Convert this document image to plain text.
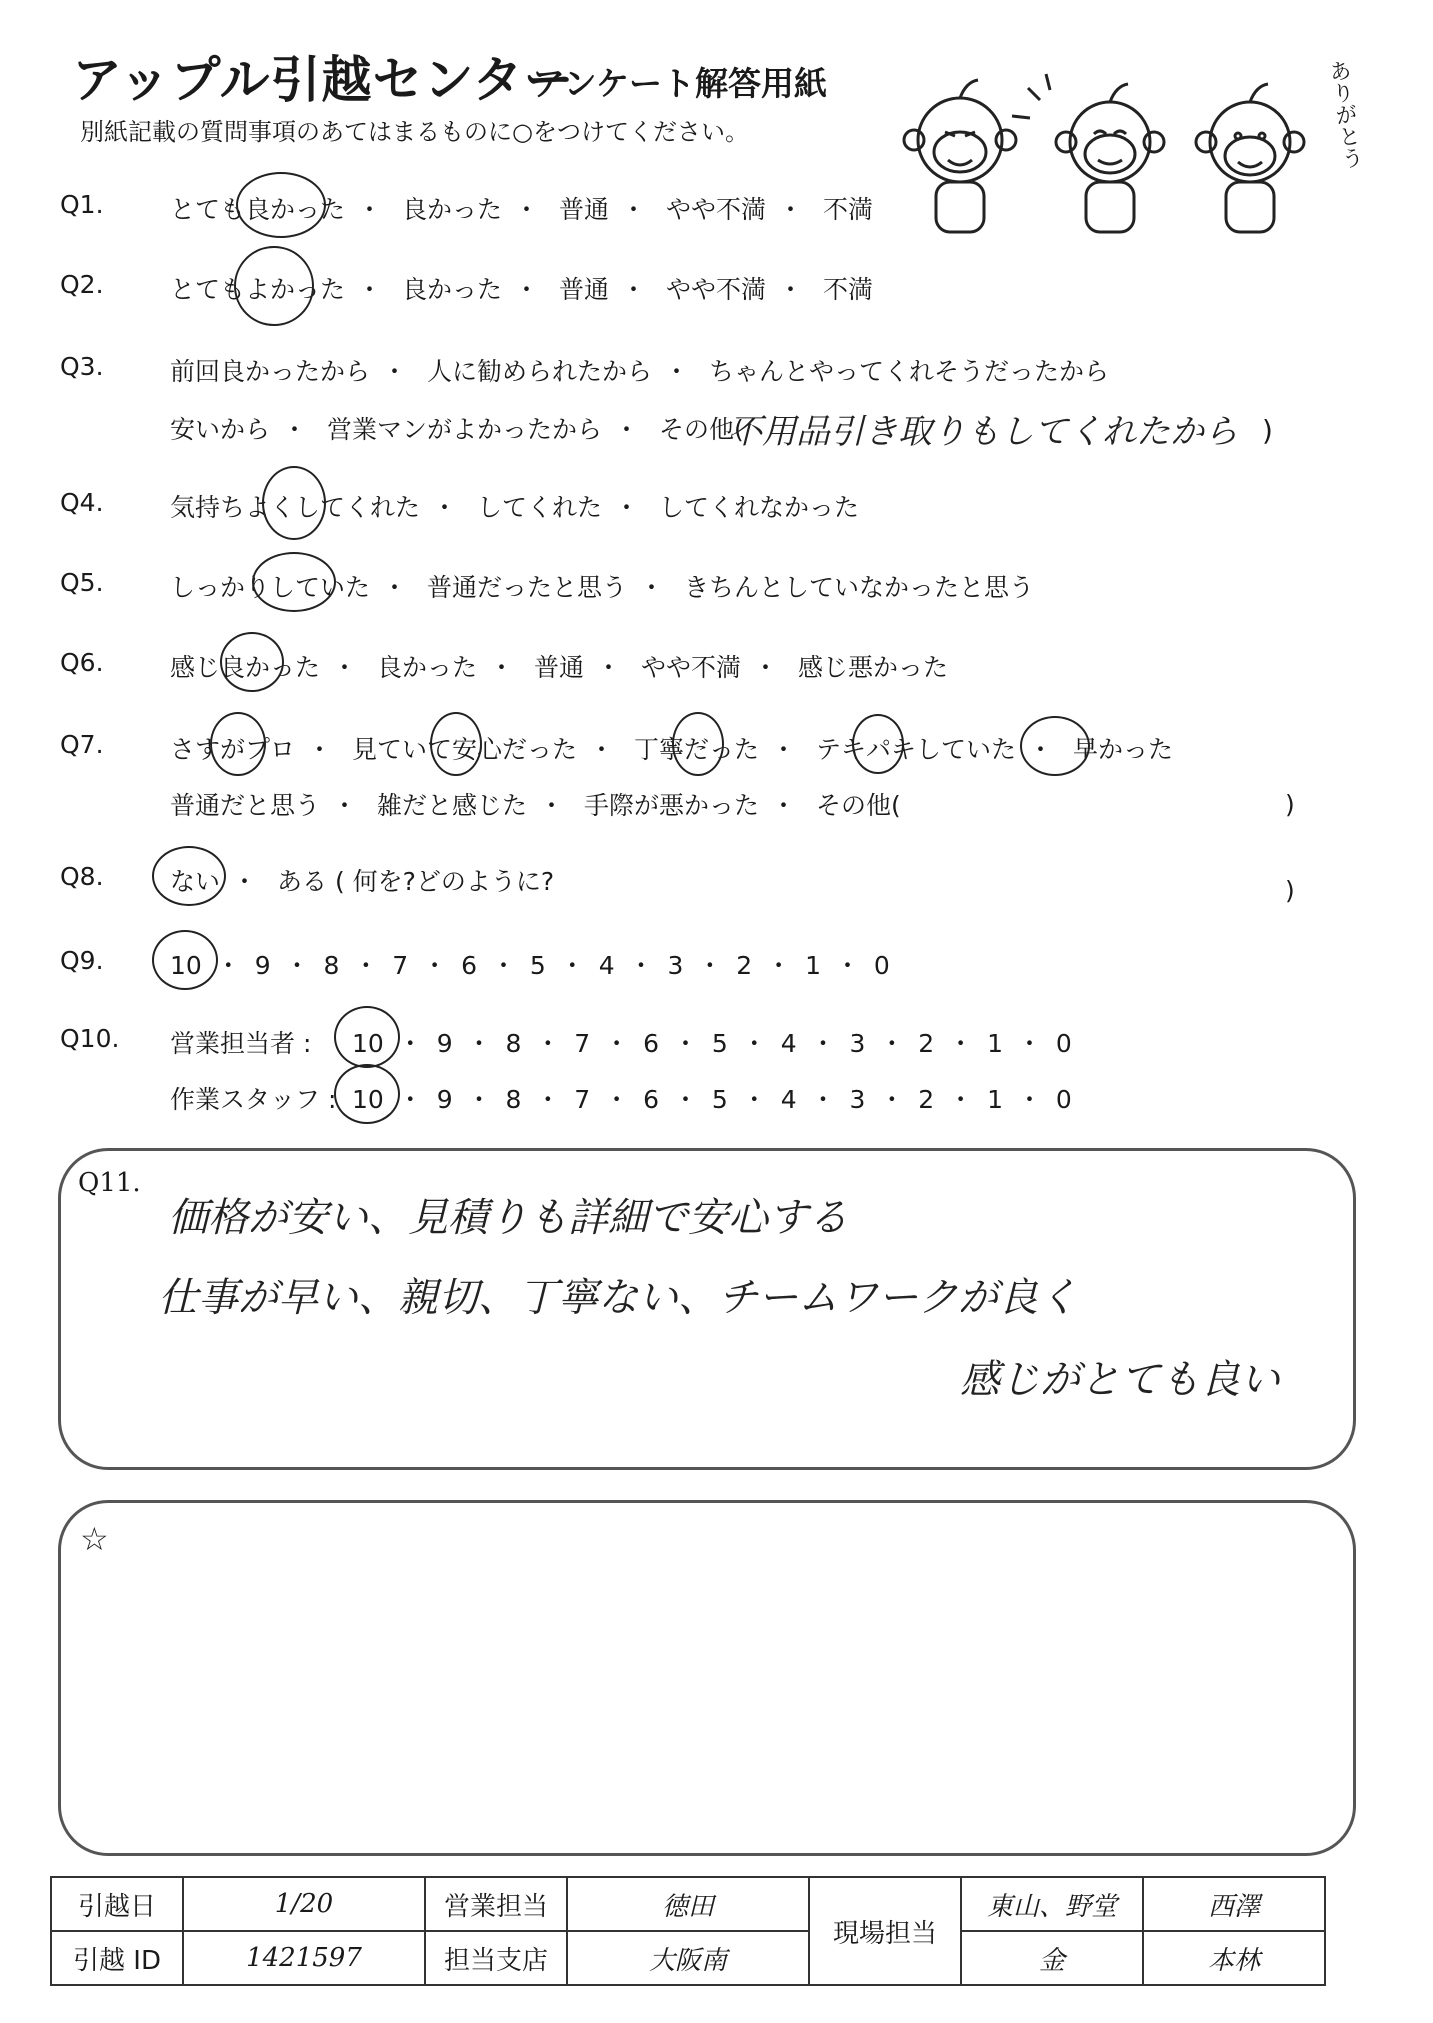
アップル引越センター
アンケート解答用紙
別紙記載の質問事項のあてはまるものに○をつけてください。	ありがとう
Q1.	とても良かった ・ 良かった ・ 普通 ・ やや不満 ・ 不満
Q2.	とてもよかった ・ 良かった ・ 普通 ・ やや不満 ・ 不満
Q3.	前回良かったから ・ 人に勧められたから ・ ちゃんとやってくれそうだったから
安いから ・ 営業マンがよかったから ・ その他(
不用品引き取りもしてくれたから )
Q4.	気持ちよくしてくれた ・ してくれた ・ してくれなかった
Q5.	しっかりしていた ・ 普通だったと思う ・ きちんとしていなかったと思う
Q6.	感じ良かった ・ 良かった ・ 普通 ・ やや不満 ・ 感じ悪かった
Q7.	さすがプロ ・ 見ていて安心だった ・ 丁寧だった ・ テキパキしていた ・ 早かった
普通だと思う ・ 雑だと感じた ・ 手際が悪かった ・ その他(	)
Q8.	ない ・ ある ( 何を?どのように?	)
Q9.	10 ・ 9 ・ 8 ・ 7 ・ 6 ・ 5 ・ 4 ・ 3 ・ 2 ・ 1 ・ 0
Q10. 営業担当者 : 10 ・ 9 ・ 8 ・ 7 ・ 6 ・ 5 ・ 4 ・ 3 ・ 2 ・ 1 ・ 0
作業スタッフ : 10 ・ 9 ・ 8 ・ 7 ・ 6 ・ 5 ・ 4 ・ 3 ・ 2 ・ 1 ・ 0
Q11.
価格が安い、見積りも詳細で安心する
仕事が早い、親切、丁寧ない、チームワークが良く
感じがとても良い
☆
引越日	1/20	営業担当	徳田	現場担当	東山、野堂	西澤
引越 ID	1421597	担当支店	大阪南		金	本林
